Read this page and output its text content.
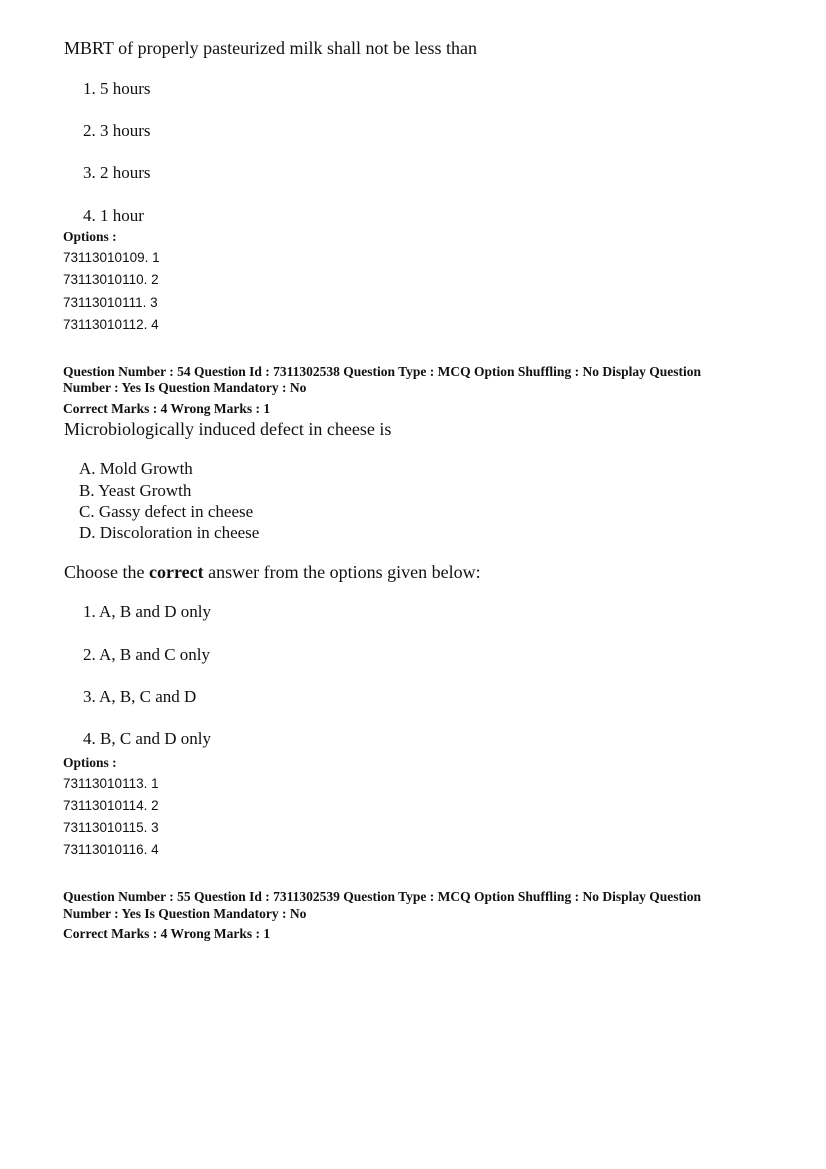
MBRT of properly pasteurized milk shall not be less than
1. 5 hours
2. 3 hours
3. 2 hours
4. 1 hour
Options :
73113010109. 1
73113010110. 2
73113010111. 3
73113010112. 4
Question Number : 54 Question Id : 7311302538 Question Type : MCQ Option Shuffling : No Display Question
Number : Yes Is Question Mandatory : No
Correct Marks : 4 Wrong Marks : 1
Microbiologically induced defect in cheese is
A. Mold Growth
B. Yeast Growth
C. Gassy defect in cheese
D. Discoloration in cheese
Choose the correct answer from the options given below:
1. A, B and D only
2. A, B and C only
3. A, B, C and D
4. B, C and D only
Options :
73113010113. 1
73113010114. 2
73113010115. 3
73113010116. 4
Question Number : 55 Question Id : 7311302539 Question Type : MCQ Option Shuffling : No Display Question
Number : Yes Is Question Mandatory : No
Correct Marks : 4 Wrong Marks : 1
